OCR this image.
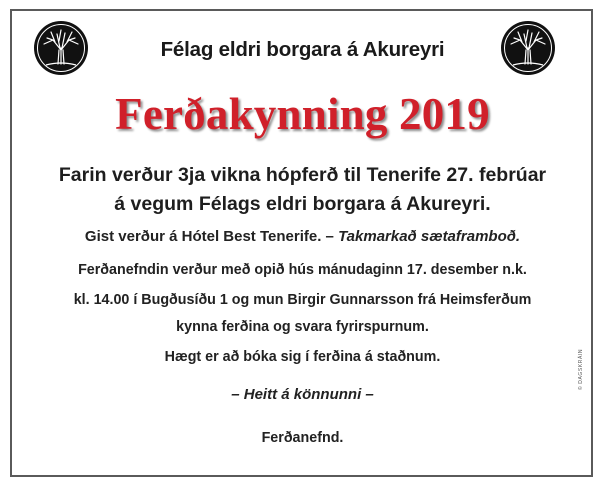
Félag eldri borgara á Akureyri
Ferðakynning 2019
Farin verður 3ja vikna hópferð til Tenerife 27. febrúar
á vegum Félags eldri borgara á Akureyri.
Gist verður á Hótel Best Tenerife. – Takmarkað sætaframboð.
Ferðanefndin verður með opið hús mánudaginn 17. desember n.k.
kl. 14.00 í Bugðusíðu 1 og mun Birgir Gunnarsson frá Heimsferðum
kynna ferðina og svara fyrirspurnum.
Hægt er að bóka sig í ferðina á staðnum.
– Heitt á könnunni –
Ferðanefnd.
© DAGSKRÁIN
